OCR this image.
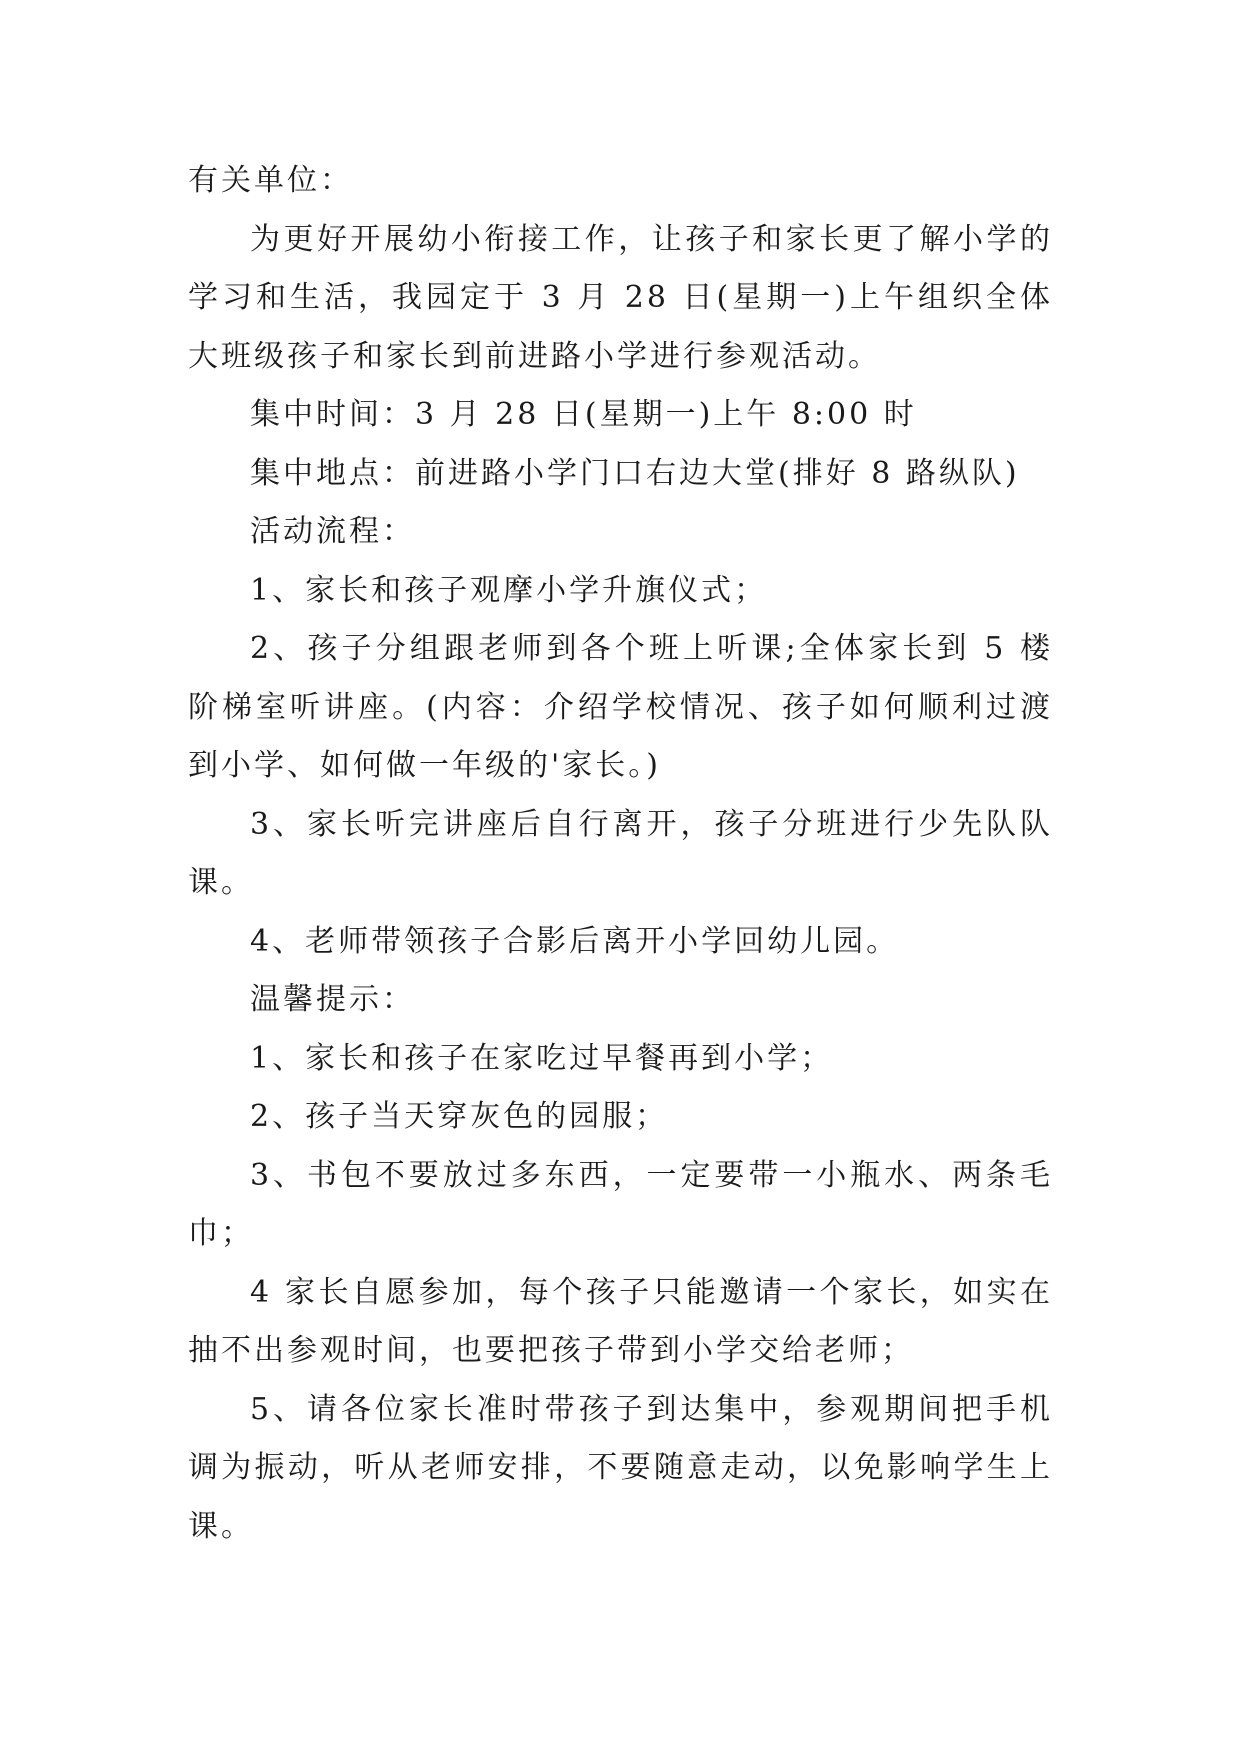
有关单位：

为更好开展幼小衔接工作，让孩子和家长更了解小学的学习和生活，我园定于 3 月 28 日(星期一)上午组织全体大班级孩子和家长到前进路小学进行参观活动。

集中时间：3 月 28 日(星期一)上午 8:00 时

集中地点：前进路小学门口右边大堂(排好 8 路纵队)

活动流程：

1、家长和孩子观摩小学升旗仪式；

2、孩子分组跟老师到各个班上听课;全体家长到 5 楼阶梯室听讲座。(内容：介绍学校情况、孩子如何顺利过渡到小学、如何做一年级的'家长。)

3、家长听完讲座后自行离开，孩子分班进行少先队队课。

4、老师带领孩子合影后离开小学回幼儿园。

温馨提示：

1、家长和孩子在家吃过早餐再到小学；

2、孩子当天穿灰色的园服；

3、书包不要放过多东西，一定要带一小瓶水、两条毛巾；

4 家长自愿参加，每个孩子只能邀请一个家长，如实在抽不出参观时间，也要把孩子带到小学交给老师；

5、请各位家长准时带孩子到达集中，参观期间把手机调为振动，听从老师安排，不要随意走动，以免影响学生上课。
